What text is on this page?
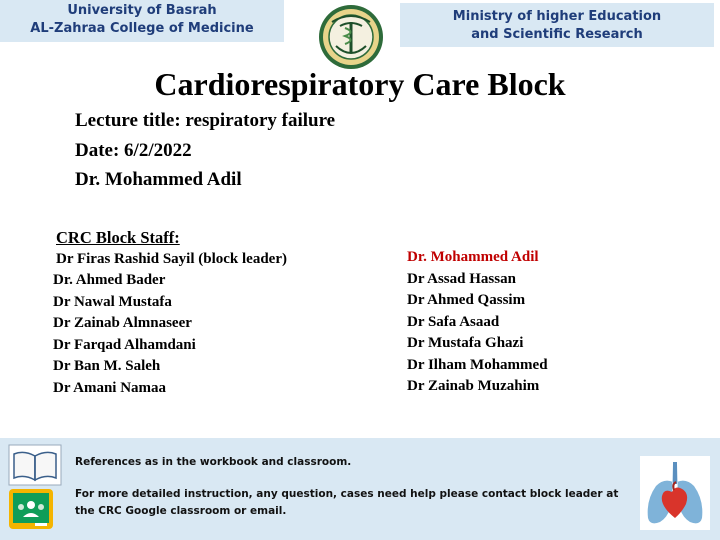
University of Basrah
AL-Zahraa College of Medicine
Ministry of higher Education
and Scientific Research
Cardiorespiratory Care Block
Lecture title: respiratory failure
Date: 6/2/2022
Dr. Mohammed Adil
CRC Block Staff:
Dr Firas Rashid Sayil (block leader)
Dr. Ahmed Bader
Dr Nawal Mustafa
Dr Zainab Almnaseer
Dr Farqad Alhamdani
Dr Ban M. Saleh
Dr Amani Namaa
Dr. Mohammed Adil
Dr Assad Hassan
Dr Ahmed Qassim
Dr Safa Asaad
Dr Mustafa Ghazi
Dr Ilham Mohammed
Dr Zainab Muzahim
References as in the workbook and classroom.
For more detailed instruction, any question, cases need help please contact block leader at the CRC Google classroom or email.
